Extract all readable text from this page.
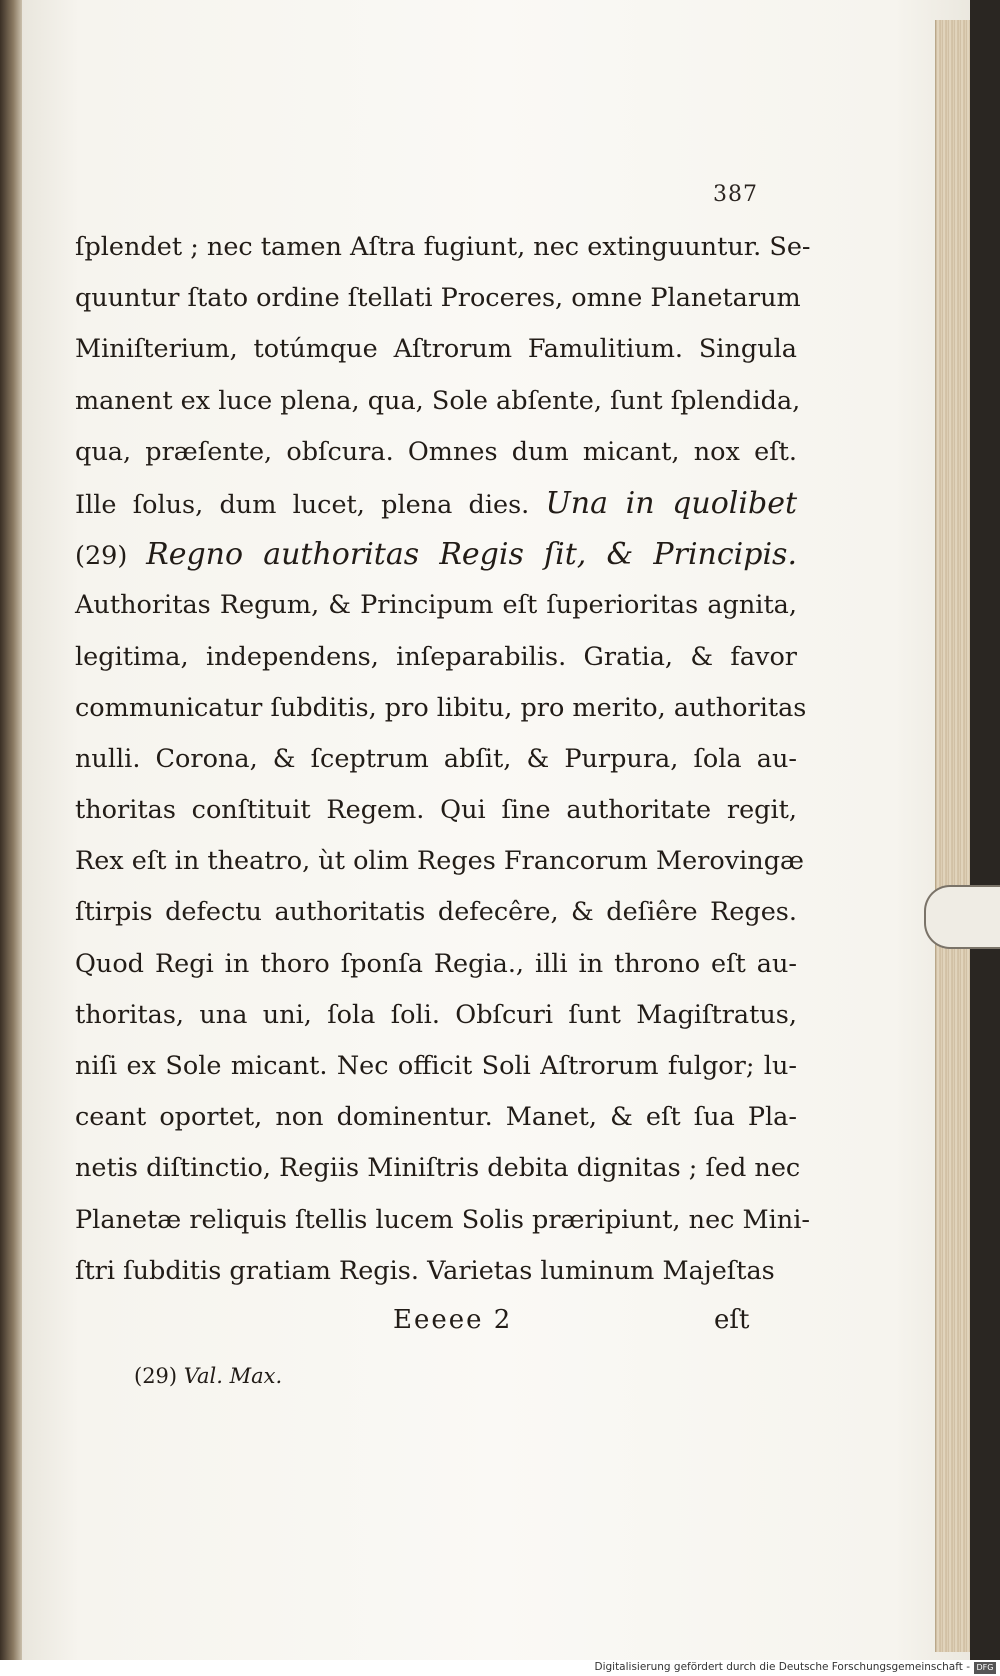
387
ſplendet ; nec tamen Aſtra fugiunt, nec extinguuntur. Se-
quuntur ſtato ordine ſtellati Proceres, omne Planetarum
Miniſterium, totúmque Aſtrorum Famulitium. Singula
manent ex luce plena, qua, Sole abſente, ſunt ſplendida,
qua, præſente, obſcura. Omnes dum micant, nox eſt.
Ille ſolus, dum lucet, plena dies. Una in quolibet
(29) Regno authoritas Regis ſit, & Principis.
Authoritas Regum, & Principum eſt ſuperioritas agnita,
legitima, independens, inſeparabilis. Gratia, & favor
communicatur ſubditis, pro libitu, pro merito, authoritas
nulli. Corona, & ſceptrum abſit, & Purpura, ſola au-
thoritas conſtituit Regem. Qui ſine authoritate regit,
Rex eſt in theatro, ùt olim Reges Francorum Merovingæ
ſtirpis defectu authoritatis defecêre, & deſiêre Reges.
Quod Regi in thoro ſponſa Regia., illi in throno eſt au-
thoritas, una uni, ſola ſoli. Obſcuri ſunt Magiſtratus,
niſi ex Sole micant. Nec officit Soli Aſtrorum fulgor; lu-
ceant oportet, non dominentur. Manet, & eſt ſua Pla-
netis diſtinctio, Regiis Miniſtris debita dignitas ; ſed nec
Planetæ reliquis ſtellis lucem Solis præripiunt, nec Mini-
ſtri ſubditis gratiam Regis. Varietas luminum Majeſtas
Eeeee 2	eſt
(29) Val. Max.
Digitalisierung gefördert durch die Deutsche Forschungsgemeinschaft - DFG
